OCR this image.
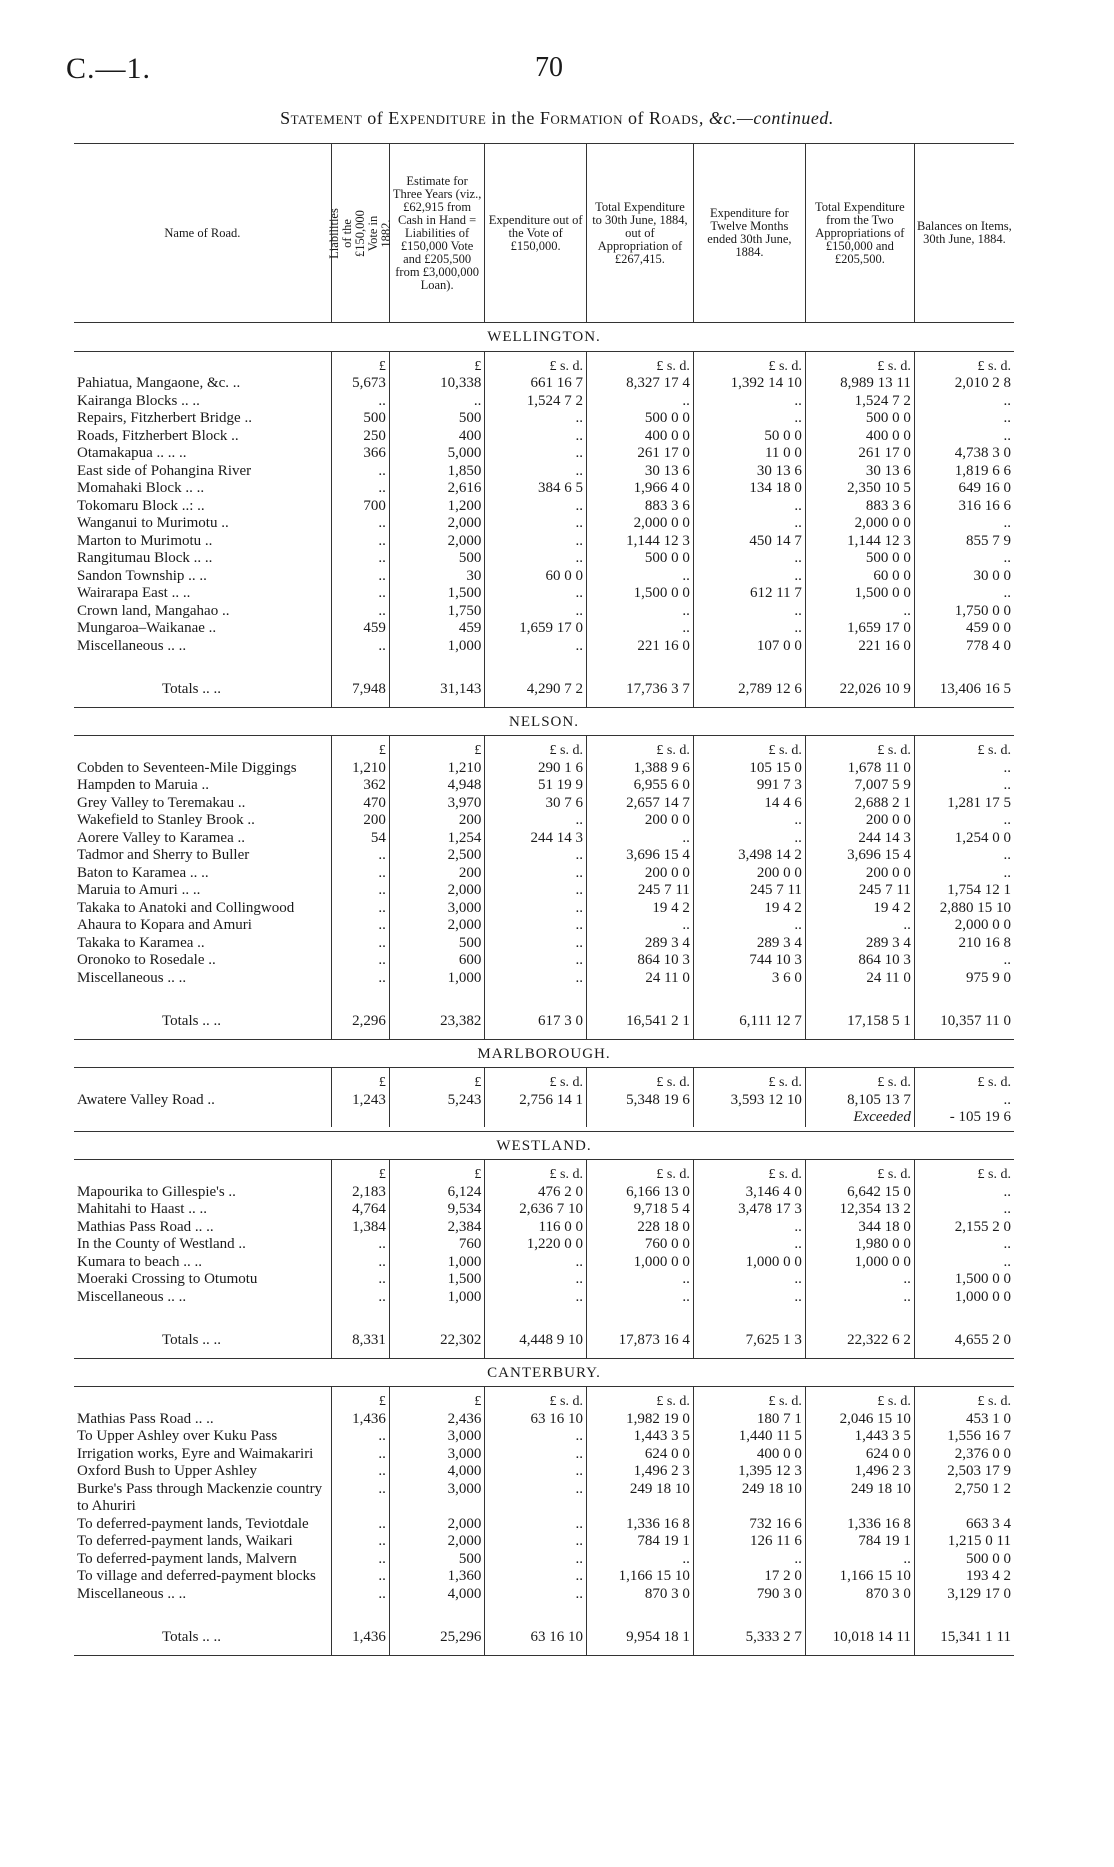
C.—1.	70
Statement of Expenditure in the Formation of Roads, &c.—continued.
Name of Road.	Liabilities of the £150,000 Vote in 1882.	Estimate for Three Years (viz., £62,915 from Cash in Hand = Liabilities of £150,000 Vote and £205,500 from £3,000,000 Loan).	Expenditure out of the Vote of £150,000.	Total Expenditure to 30th June, 1884, out of Appropriation of £267,415.	Expenditure for Twelve Months ended 30th June, 1884.	Total Expenditure from the Two Appropriations of £150,000 and £205,500.	Balances on Items, 30th June, 1884.
WELLINGTON.							
	£	£	£ s. d.	£ s. d.	£ s. d.	£ s. d.	£ s. d.
Pahiatua, Mangaone, &c. ..	5,673	10,338	661 16 7	8,327 17 4	1,392 14 10	8,989 13 11	2,010 2 8
Kairanga Blocks .. ..	..	..	1,524 7 2	..	..	1,524 7 2	..
Repairs, Fitzherbert Bridge ..	500	500	..	500 0 0	..	500 0 0	..
Roads, Fitzherbert Block ..	250	400	..	400 0 0	50 0 0	400 0 0	..
Otamakapua .. .. ..	366	5,000	..	261 17 0	11 0 0	261 17 0	4,738 3 0
East side of Pohangina River	..	1,850	..	30 13 6	30 13 6	30 13 6	1,819 6 6
Momahaki Block .. ..	..	2,616	384 6 5	1,966 4 0	134 18 0	2,350 10 5	649 16 0
Tokomaru Block ..: ..	700	1,200	..	883 3 6	..	883 3 6	316 16 6
Wanganui to Murimotu ..	..	2,000	..	2,000 0 0	..	2,000 0 0	..
Marton to Murimotu ..	..	2,000	..	1,144 12 3	450 14 7	1,144 12 3	855 7 9
Rangitumau Block .. ..	..	500	..	500 0 0	..	500 0 0	..
Sandon Township .. ..	..	30	60 0 0	..	..	60 0 0	30 0 0
Wairarapa East .. ..	..	1,500	..	1,500 0 0	612 11 7	1,500 0 0	..
Crown land, Mangahao ..	..	1,750	..	..	..	..	1,750 0 0
Mungaroa–Waikanae ..	459	459	1,659 17 0	..	..	1,659 17 0	459 0 0
Miscellaneous .. ..	..	1,000	..	221 16 0	107 0 0	221 16 0	778 4 0

Totals .. ..	7,948	31,143	4,290 7 2	17,736 3 7	2,789 12 6	22,026 10 9	13,406 16 5
NELSON.							
	£	£	£ s. d.	£ s. d.	£ s. d.	£ s. d.	£ s. d.
Cobden to Seventeen-Mile Diggings	1,210	1,210	290 1 6	1,388 9 6	105 15 0	1,678 11 0	..
Hampden to Maruia ..	362	4,948	51 19 9	6,955 6 0	991 7 3	7,007 5 9	..
Grey Valley to Teremakau ..	470	3,970	30 7 6	2,657 14 7	14 4 6	2,688 2 1	1,281 17 5
Wakefield to Stanley Brook ..	200	200	..	200 0 0	..	200 0 0	..
Aorere Valley to Karamea ..	54	1,254	244 14 3	..	..	244 14 3	1,254 0 0
Tadmor and Sherry to Buller	..	2,500	..	3,696 15 4	3,498 14 2	3,696 15 4	..
Baton to Karamea .. ..	..	200	..	200 0 0	200 0 0	200 0 0	..
Maruia to Amuri .. ..	..	2,000	..	245 7 11	245 7 11	245 7 11	1,754 12 1
Takaka to Anatoki and Collingwood	..	3,000	..	19 4 2	19 4 2	19 4 2	2,880 15 10
Ahaura to Kopara and Amuri	..	2,000	..	..	..	..	2,000 0 0
Takaka to Karamea ..	..	500	..	289 3 4	289 3 4	289 3 4	210 16 8
Oronoko to Rosedale ..	..	600	..	864 10 3	744 10 3	864 10 3	..
Miscellaneous .. ..	..	1,000	..	24 11 0	3 6 0	24 11 0	975 9 0

Totals .. ..	2,296	23,382	617 3 0	16,541 2 1	6,111 12 7	17,158 5 1	10,357 11 0
MARLBOROUGH.							
	£	£	£ s. d.	£ s. d.	£ s. d.	£ s. d.	£ s. d.
Awatere Valley Road ..	1,243	5,243	2,756 14 1	5,348 19 6	3,593 12 10	8,105 13 7	..
						Exceeded	- 105 19 6

WESTLAND.							
	£	£	£ s. d.	£ s. d.	£ s. d.	£ s. d.	£ s. d.
Mapourika to Gillespie's ..	2,183	6,124	476 2 0	6,166 13 0	3,146 4 0	6,642 15 0	..
Mahitahi to Haast .. ..	4,764	9,534	2,636 7 10	9,718 5 4	3,478 17 3	12,354 13 2	..
Mathias Pass Road .. ..	1,384	2,384	116 0 0	228 18 0	..	344 18 0	2,155 2 0
In the County of Westland ..	..	760	1,220 0 0	760 0 0	..	1,980 0 0	..
Kumara to beach .. ..	..	1,000	..	1,000 0 0	1,000 0 0	1,000 0 0	..
Moeraki Crossing to Otumotu	..	1,500	..	..	..	..	1,500 0 0
Miscellaneous .. ..	..	1,000	..	..	..	..	1,000 0 0

Totals .. ..	8,331	22,302	4,448 9 10	17,873 16 4	7,625 1 3	22,322 6 2	4,655 2 0
CANTERBURY.							
	£	£	£ s. d.	£ s. d.	£ s. d.	£ s. d.	£ s. d.
Mathias Pass Road .. ..	1,436	2,436	63 16 10	1,982 19 0	180 7 1	2,046 15 10	453 1 0
To Upper Ashley over Kuku Pass	..	3,000	..	1,443 3 5	1,440 11 5	1,443 3 5	1,556 16 7
Irrigation works, Eyre and Waimakariri	..	3,000	..	624 0 0	400 0 0	624 0 0	2,376 0 0
Oxford Bush to Upper Ashley	..	4,000	..	1,496 2 3	1,395 12 3	1,496 2 3	2,503 17 9
Burke's Pass through Mackenzie country to Ahuriri	..	3,000	..	249 18 10	249 18 10	249 18 10	2,750 1 2
To deferred-payment lands, Teviotdale	..	2,000	..	1,336 16 8	732 16 6	1,336 16 8	663 3 4
To deferred-payment lands, Waikari	..	2,000	..	784 19 1	126 11 6	784 19 1	1,215 0 11
To deferred-payment lands, Malvern	..	500	..	..	..	..	500 0 0
To village and deferred-payment blocks	..	1,360	..	1,166 15 10	17 2 0	1,166 15 10	193 4 2
Miscellaneous .. ..	..	4,000	..	870 3 0	790 3 0	870 3 0	3,129 17 0

Totals .. ..	1,436	25,296	63 16 10	9,954 18 1	5,333 2 7	10,018 14 11	15,341 1 11
